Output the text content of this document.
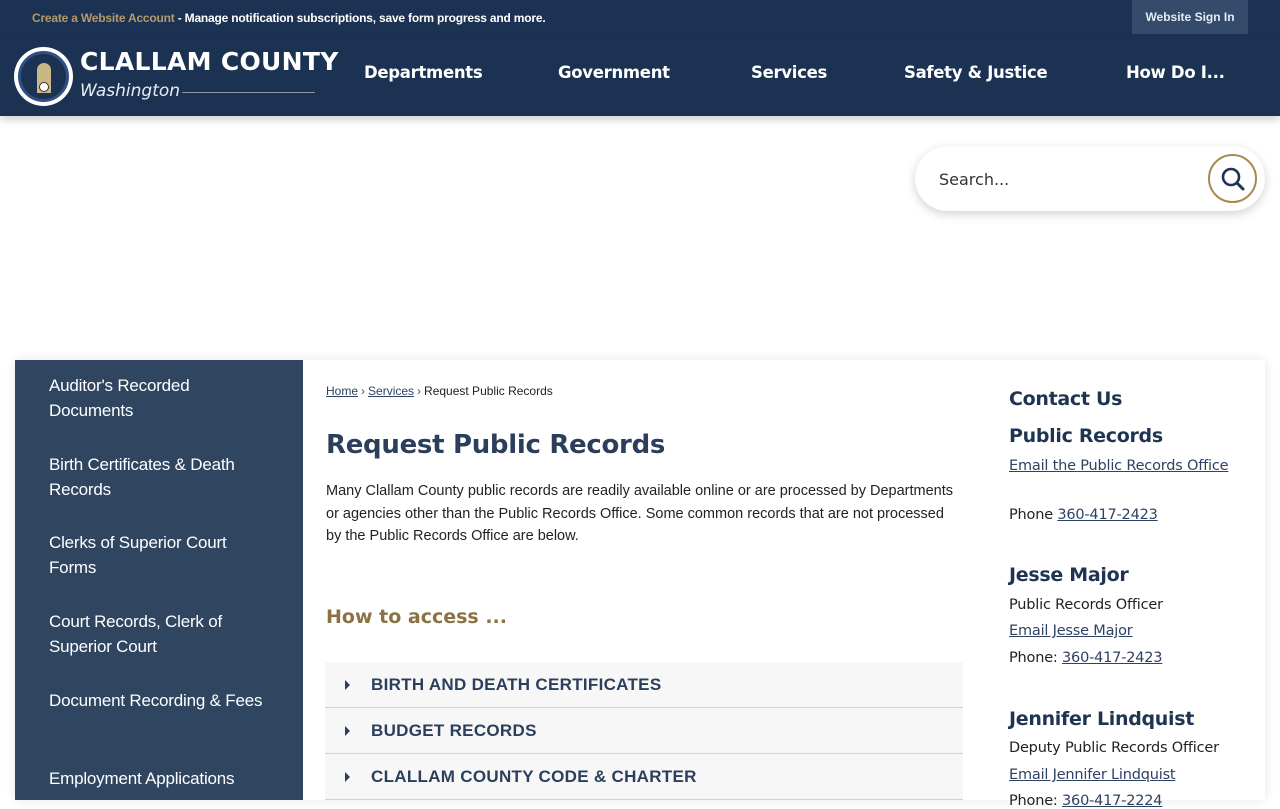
Create a Website Account - Manage notification subscriptions, save form progress and more.	Website Sign In
CLALLAM COUNTY
Washington
Departments	Government	Services	Safety & Justice	How Do I...
Search...
Auditor's Recorded Documents
Birth Certificates & Death Records
Clerks of Superior Court Forms
Court Records, Clerk of Superior Court
Document Recording & Fees
Employment Applications
Home › Services › Request Public Records
Request Public Records

Many Clallam County public records are readily available online or are processed by Departments or agencies other than the Public Records Office. Some common records that are not processed by the Public Records Office are below.

How to access ...
BIRTH AND DEATH CERTIFICATES
BUDGET RECORDS
CLALLAM COUNTY CODE & CHARTER
Contact Us
Public Records
Email the Public Records Office
Phone 360-417-2423
Jesse Major
Public Records Officer
Email Jesse Major
Phone: 360-417-2423
Jennifer Lindquist
Deputy Public Records Officer
Email Jennifer Lindquist
Phone: 360-417-2224
